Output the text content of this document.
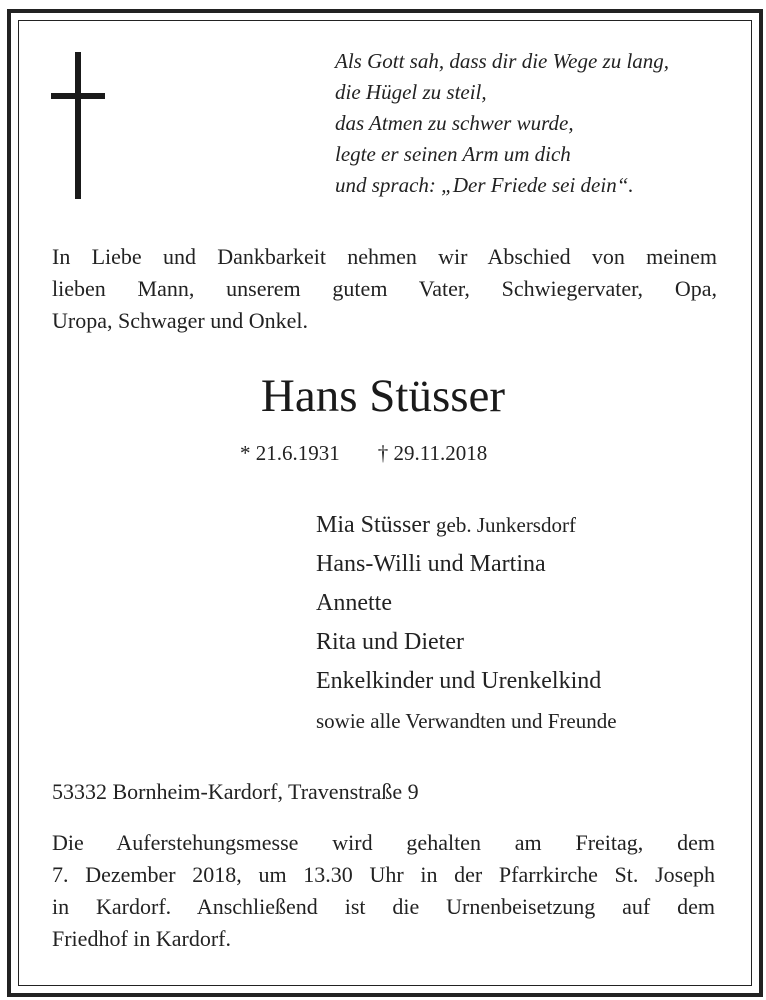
Als Gott sah, dass dir die Wege zu lang,
die Hügel zu steil,
das Atmen zu schwer wurde,
legte er seinen Arm um dich
und sprach: „Der Friede sei dein“.
In Liebe und Dankbarkeit nehmen wir Abschied von meinem
lieben Mann, unserem gutem Vater, Schwiegervater, Opa,
Uropa, Schwager und Onkel.
Hans Stüsser
* 21.6.1931 † 29.11.2018
Mia Stüsser geb. Junkersdorf
Hans-Willi und Martina
Annette
Rita und Dieter
Enkelkinder und Urenkelkind
sowie alle Verwandten und Freunde
53332 Bornheim-Kardorf, Travenstraße 9
Die Auferstehungsmesse wird gehalten am Freitag, dem
7. Dezember 2018, um 13.30 Uhr in der Pfarrkirche St. Joseph
in Kardorf. Anschließend ist die Urnenbeisetzung auf dem
Friedhof in Kardorf.
